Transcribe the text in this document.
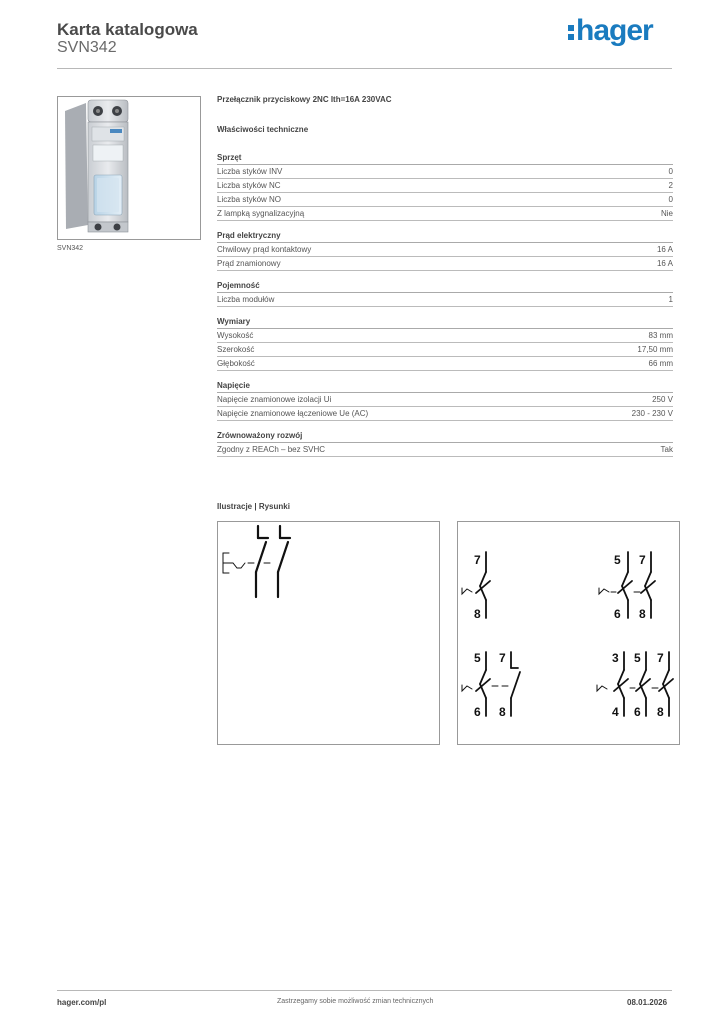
Karta katalogowa
SVN342
hager
SVN342
Przełącznik przyciskowy 2NC Ith=16A 230VAC
Właściwości techniczne
Sprzęt
Liczba styków INV	0
Liczba styków NC	2
Liczba styków NO	0
Z lampką sygnalizacyjną	Nie
Prąd elektryczny
Chwilowy prąd kontaktowy	16 A
Prąd znamionowy	16 A
Pojemność
Liczba modułów	1
Wymiary
Wysokość	83 mm
Szerokość	17,50 mm
Głębokość	66 mm
Napięcie
Napięcie znamionowe izolacji Ui	250 V
Napięcie znamionowe łączeniowe Ue (AC)	230 - 230 V
Zrównoważony rozwój
Zgodny z REACh – bez SVHC	Tak
Ilustracje | Rysunki
7
8
5 7
6 8
5 7
6 8
3 5 7
4 6 8
hager.com/pl	Zastrzegamy sobie możliwość zmian technicznych	08.01.2026
